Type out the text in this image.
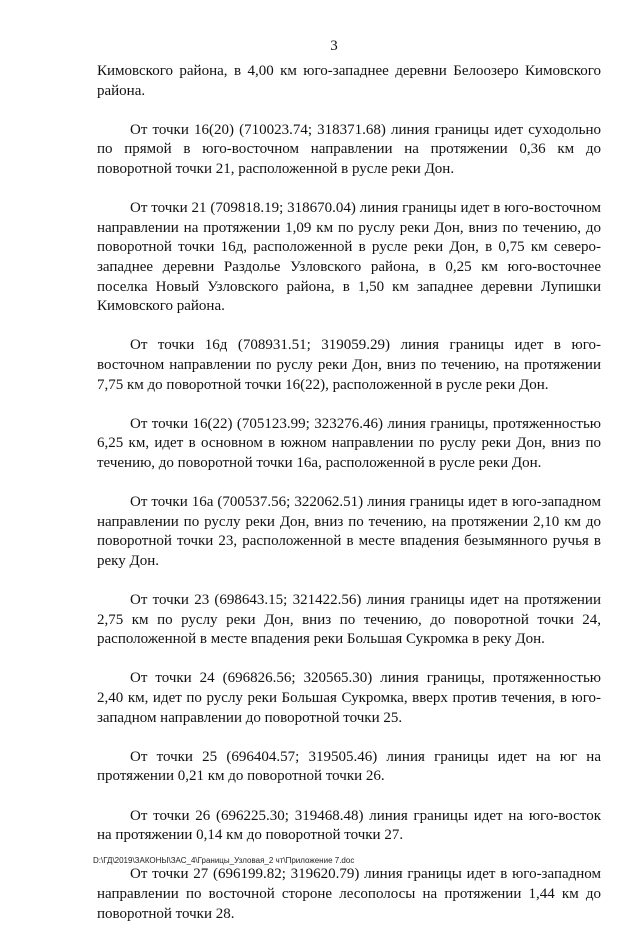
3

Кимовского района, в 4,00 км юго-западнее деревни Белоозеро Кимовского района.

От точки 16(20) (710023.74; 318371.68) линия границы идет суходольно по прямой в юго-восточном направлении на протяжении 0,36 км до поворотной точки 21, расположенной в русле реки Дон.

От точки 21 (709818.19; 318670.04) линия границы идет в юго-восточном направлении на протяжении 1,09 км по руслу реки Дон, вниз по течению, до поворотной точки 16д, расположенной в русле реки Дон, в 0,75 км северо-западнее деревни Раздолье Узловского района, в 0,25 км юго-восточнее поселка Новый Узловского района, в 1,50 км западнее деревни Лупишки Кимовского района.

От точки 16д (708931.51; 319059.29) линия границы идет в юго-восточном направлении по руслу реки Дон, вниз по течению, на протяжении 7,75 км до поворотной точки 16(22), расположенной в русле реки Дон.

От точки 16(22) (705123.99; 323276.46) линия границы, протяженностью 6,25 км, идет в основном в южном направлении по руслу реки Дон, вниз по течению, до поворотной точки 16а, расположенной в русле реки Дон.

От точки 16а (700537.56; 322062.51) линия границы идет в юго-западном направлении по руслу реки Дон, вниз по течению, на протяжении 2,10 км до поворотной точки 23, расположенной в месте впадения безымянного ручья в реку Дон.

От точки 23 (698643.15; 321422.56) линия границы идет на протяжении 2,75 км по руслу реки Дон, вниз по течению, до поворотной точки 24, расположенной в месте впадения реки Большая Сукромка в реку Дон.

От точки 24 (696826.56; 320565.30) линия границы, протяженностью 2,40 км, идет по руслу реки Большая Сукромка, вверх против течения, в юго-западном направлении до поворотной точки 25.

От точки 25 (696404.57; 319505.46) линия границы идет на юг на протяжении 0,21 км до поворотной точки 26.

От точки 26 (696225.30; 319468.48) линия границы идет на юго-восток на протяжении 0,14 км до поворотной точки 27.

От точки 27 (696199.82; 319620.79) линия границы идет в юго-западном направлении по восточной стороне лесополосы на протяжении 1,44 км до поворотной точки 28.

D:\ГД\2019\ЗАКОНЫ\ЗАС_4\Границы_Узловая_2 чт\Приложение 7.doc
